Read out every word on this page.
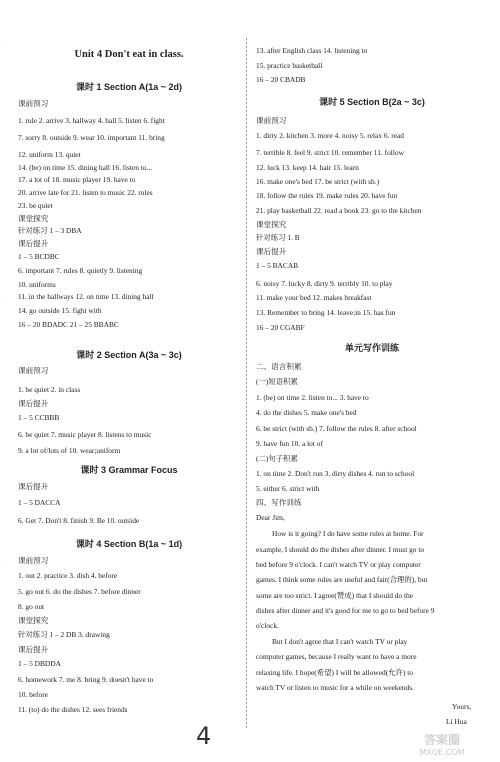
Unit 4 Don't eat in class.
课时 1 Section A(1a ~ 2d)
课时 2 Section A(3a ~ 3c)
课时 3 Grammar Focus
课时 4 Section B(1a ~ 1d)
课前预习
1. rule 2. arrive 3. hallway 4. hall 5. listen 6. fight
7. sorry 8. outside 9. wear 10. important 11. bring
12. uniform 13. quiet
14. (be) on time 15. dining hall 16. listen to...
17. a lot of 18. music player 19. have to
20. arrive late for 21. listen to music 22. rules
23. be quiet
课堂探究
针对练习 1 – 3 DBA
课后提升
1 – 5 BCDBC
6. important 7. rules 8. quietly 9. listening
10. uniforms
11. in the hallways 12. on time 13. dining hall
14. go outside 15. fight with
16 – 20 BDADC 21 – 25 BBABC
课前预习
1. be quiet 2. in class
课后提升
1 – 5 CCBBB
6. be quiet 7. music player 8. listens to music
9. a lot of/lots of 10. wear;uniform
课后提升
1 – 5 DACCA
6. Get 7. Don't 8. finish 9. Be 10. outside
课前预习
1. out 2. practice 3. dish 4. before
5. go out 6. do the dishes 7. before dinner
8. go out
课堂探究
针对练习 1 – 2 DB 3. drawing
课后提升
1 – 5 DBDDA
6. homework 7. me 8. bring 9. doesn't have to
10. before
11. (to) do the dishes 12. sees friends
13. after English class 14. listening to
15. practice basketball
16 – 20 CBADB
课时 5 Section B(2a ~ 3c)
课前预习
1. dirty 2. kitchen 3. more 4. noisy 5. relax 6. read
7. terrible 8. feel 9. strict 10. remember 11. follow
12. luck 13. keep 14. hair 15. learn
16. make one's bed 17. be strict (with sb.)
18. follow the rules 19. make rules 20. have fun
21. play basketball 22. read a book 23. go to the kitchen
课堂探究
针对练习 1. B
课后提升
1 – 5 BACAB
6. noisy 7. lucky 8. dirty 9. terribly 10. to play
11. make your bed 12. makes breakfast
13. Remember to bring 14. leave;in 15. has fun
16 – 20 CGABF
单元写作训练
二、语言积累
(一)短语积累
1. (be) on time 2. listen to... 3. have to
4. do the dishes 5. make one's bed
6. be strict (with sb.) 7. follow the rules 8. after school
9. have fun 10. a lot of
(二)句子积累
1. on time 2. Don't run 3. dirty dishes 4. run to school
5. either 6. strict with
四、写作训练
Dear Jim,
How is it going? I do have some rules at home. For
example, I should do the dishes after dinner. I must go to
bed before 9 o'clock. I can't watch TV or play computer
games. I think some rules are useful and fair(合理的), but
some are too strict. I agree(赞成) that I should do the
dishes after dinner and it's good for me to go to bed before 9
o'clock.
But I don't agree that I can't watch TV or play
computer games, because I really want to have a more
relaxing life. I hope(希望) I will be allowed(允许) to
watch TV or listen to music for a while on weekends.
Yours,
Li Hua
4	答案圈
MXQE.COM
·
·
·
